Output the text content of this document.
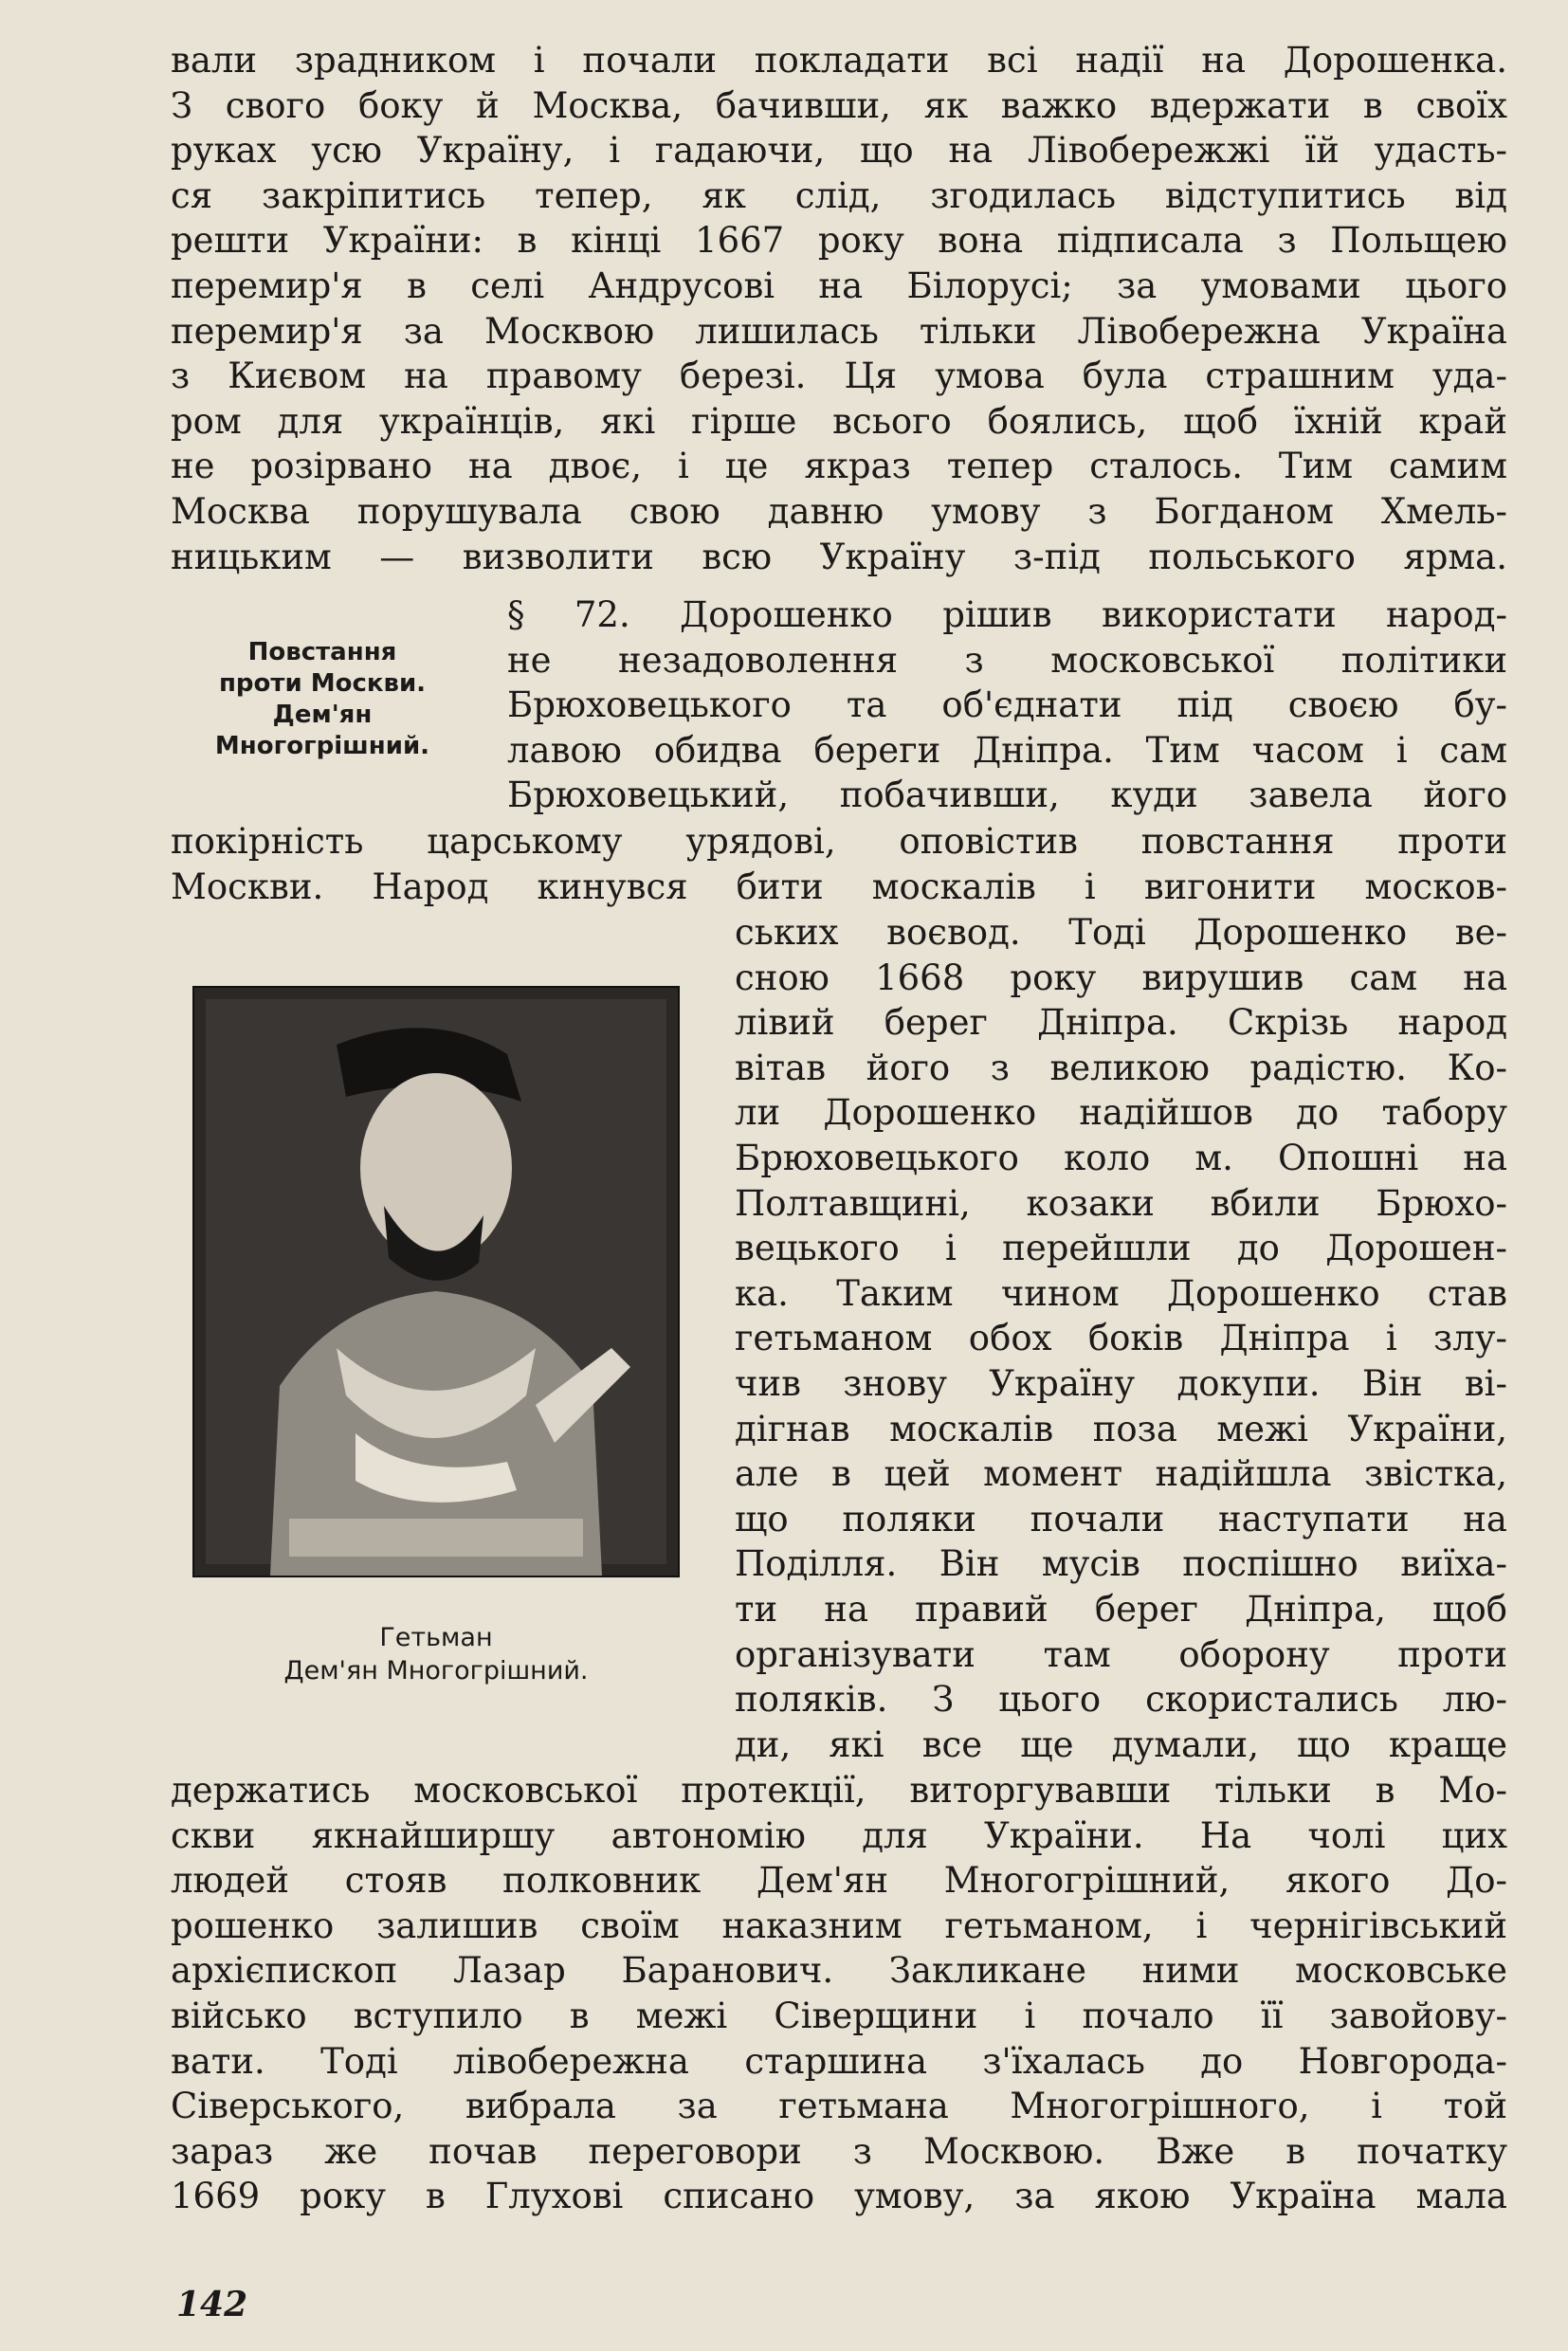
вали зрадником і почали покладати всі надії на Дорошенка.
З свого боку й Москва, бачивши, як важко вдержати в своїх
руках усю Україну, і гадаючи, що на Лівобережжі їй удасть-
ся закріпитись тепер, як слід, згодилась відступитись від
решти України: в кінці 1667 року вона підписала з Польщею
перемир'я в селі Андрусові на Білорусі; за умовами цього
перемир'я за Москвою лишилась тільки Лівобережна Україна
з Києвом на правому березі. Ця умова була страшним уда-
ром для українців, які гірше всього боялись, щоб їхній край
не розірвано на двоє, і це якраз тепер сталось. Тим самим
Москва порушувала свою давню умову з Богданом Хмель-
ницьким — визволити всю Україну з-під польського ярма.
Повстання
проти Москви.
Дем'ян
Многогрішний.
§ 72. Дорошенко рішив використати народ-
не незадоволення з московської політики
Брюховецького та об'єднати під своєю бу-
лавою обидва береги Дніпра. Тим часом і сам
Брюховецький, побачивши, куди завела його
покірність царському урядові, оповістив повстання проти
Москви. Народ кинувся бити москалів і вигонити москов-
Гетьман
Дем'ян Многогрішний.
ських воєвод. Тоді Дорошенко ве-
сною 1668 року вирушив сам на
лівий берег Дніпра. Скрізь народ
вітав його з великою радістю. Ко-
ли Дорошенко надійшов до табору
Брюховецького коло м. Опошні на
Полтавщині, козаки вбили Брюхо-
вецького і перейшли до Дорошен-
ка. Таким чином Дорошенко став
гетьманом обох боків Дніпра і злу-
чив знову Україну докупи. Він ві-
дігнав москалів поза межі України,
але в цей момент надійшла звістка,
що поляки почали наступати на
Поділля. Він мусів поспішно виїха-
ти на правий берег Дніпра, щоб
організувати там оборону проти
поляків. З цього скористались лю-
ди, які все ще думали, що краще
держатись московської протекції, виторгувавши тільки в Мо-
скви якнайширшу автономію для України. На чолі цих
людей стояв полковник Дем'ян Многогрішний, якого До-
рошенко залишив своїм наказним гетьманом, і чернігівський
архієпископ Лазар Баранович. Закликане ними московське
військо вступило в межі Сіверщини і почало її завойову-
вати. Тоді лівобережна старшина з'їхалась до Новгорода-
Сіверського, вибрала за гетьмана Многогрішного, і той
зараз же почав переговори з Москвою. Вже в початку
1669 року в Глухові списано умову, за якою Україна мала
142
